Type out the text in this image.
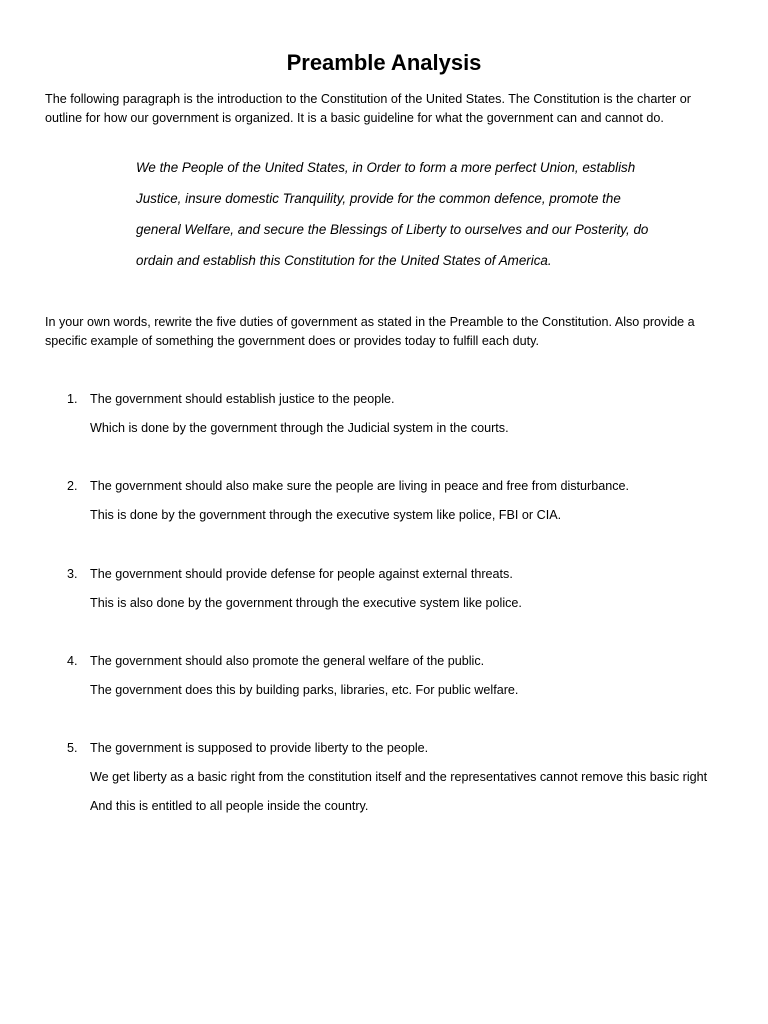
Preamble Analysis
The following paragraph is the introduction to the Constitution of the United States. The Constitution is the charter or outline for how our government is organized. It is a basic guideline for what the government can and cannot do.
We the People of the United States, in Order to form a more perfect Union, establish
Justice, insure domestic Tranquility, provide for the common defence, promote the
general Welfare, and secure the Blessings of Liberty to ourselves and our Posterity, do
ordain and establish this Constitution for the United States of America.
In your own words, rewrite the five duties of government as stated in the Preamble to the Constitution. Also provide a specific example of something the government does or provides today to fulfill each duty.
1. The government should establish justice to the people.
Which is done by the government through the Judicial system in the courts.
2. The government should also make sure the people are living in peace and free from disturbance.
This is done by the government through the executive system like police, FBI or CIA.
3. The government should provide defense for people against external threats.
This is also done by the government through the executive system like police.
4. The government should also promote the general welfare of the public.
The government does this by building parks, libraries, etc. For public welfare.
5. The government is supposed to provide liberty to the people.
We get liberty as a basic right from the constitution itself and the representatives cannot remove this basic right
And this is entitled to all people inside the country.
